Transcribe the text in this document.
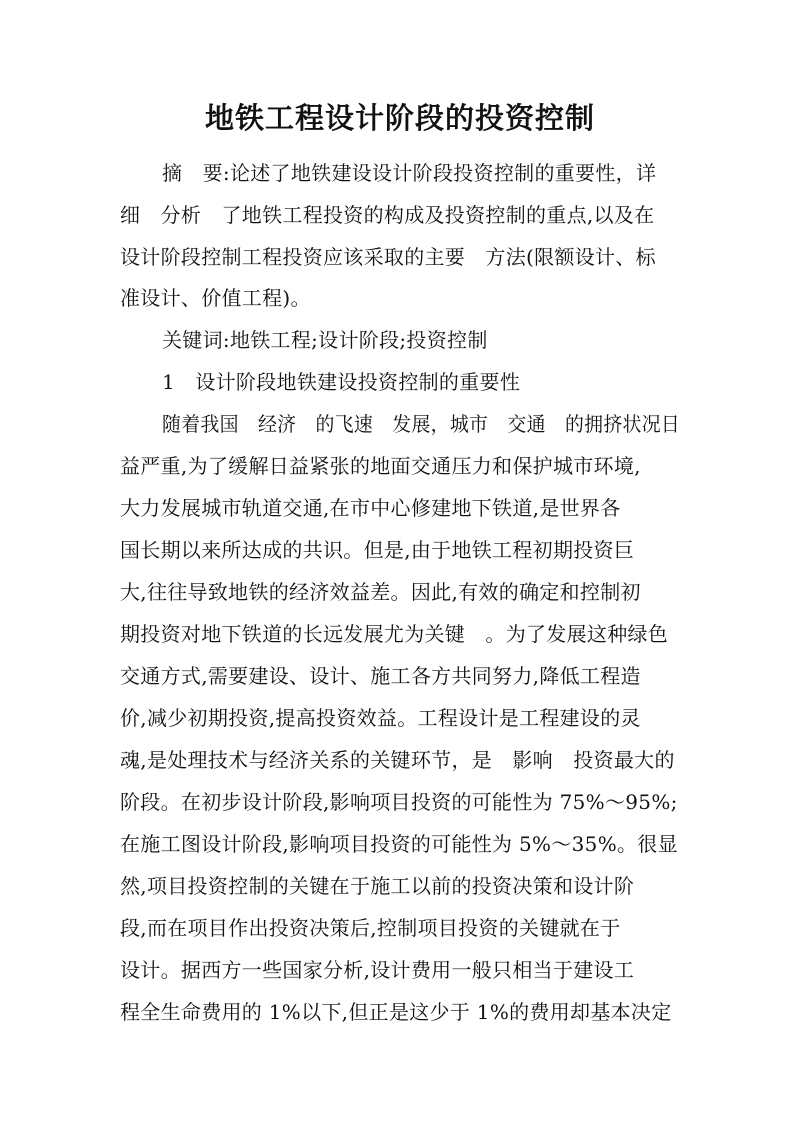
地铁工程设计阶段的投资控制
摘　要:论述了地铁建设设计阶段投资控制的重要性，详
细　分析　了地铁工程投资的构成及投资控制的重点,以及在
设计阶段控制工程投资应该采取的主要　方法(限额设计、标
准设计、价值工程)。
关键词:地铁工程;设计阶段;投资控制
1　设计阶段地铁建设投资控制的重要性
随着我国　经济　的飞速　发展，城市　交通　的拥挤状况日
益严重,为了缓解日益紧张的地面交通压力和保护城市环境,
大力发展城市轨道交通,在市中心修建地下铁道,是世界各
国长期以来所达成的共识。但是,由于地铁工程初期投资巨
大,往往导致地铁的经济效益差。因此,有效的确定和控制初
期投资对地下铁道的长远发展尤为关键　。为了发展这种绿色
交通方式,需要建设、设计、施工各方共同努力,降低工程造
价,减少初期投资,提高投资效益。工程设计是工程建设的灵
魂,是处理技术与经济关系的关键环节，是　影响　投资最大的
阶段。在初步设计阶段,影响项目投资的可能性为 75%～95%;
在施工图设计阶段,影响项目投资的可能性为 5%～35%。很显
然,项目投资控制的关键在于施工以前的投资决策和设计阶
段,而在项目作出投资决策后,控制项目投资的关键就在于
设计。据西方一些国家分析,设计费用一般只相当于建设工
程全生命费用的 1%以下,但正是这少于 1%的费用却基本决定
